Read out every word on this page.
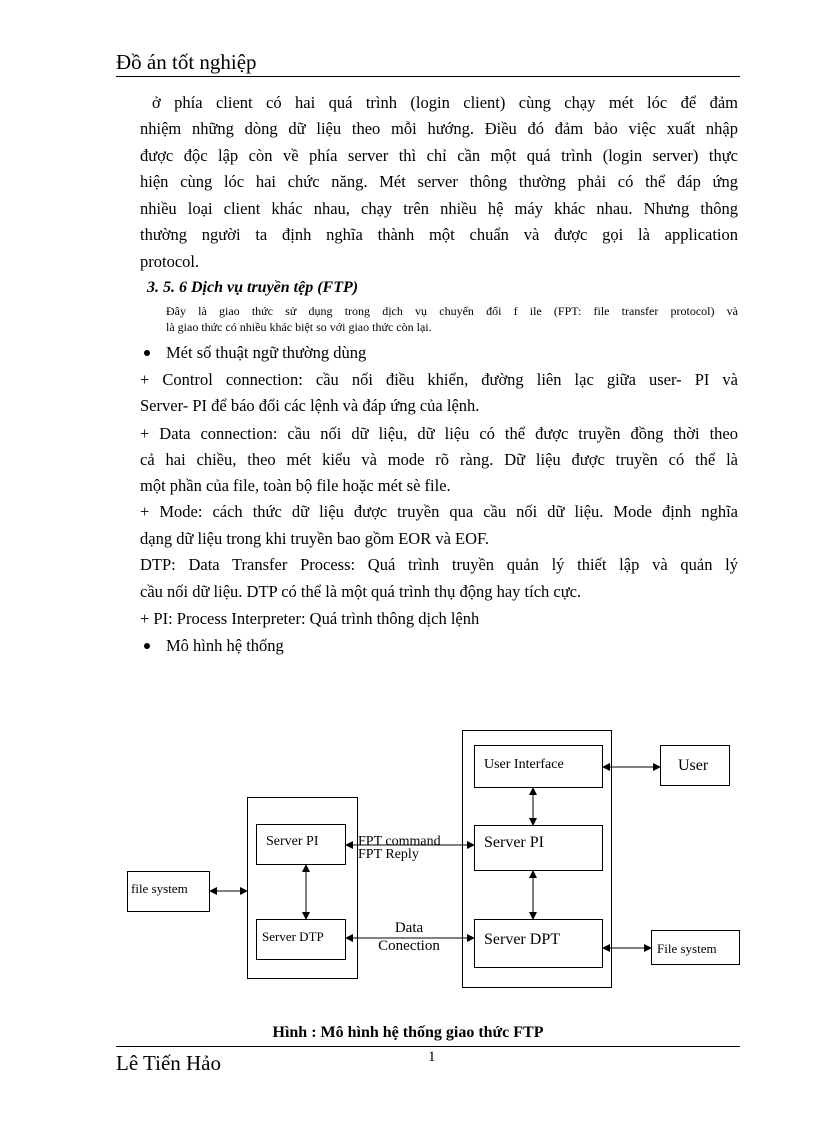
Đồ án tốt nghiệp
ở phía client có hai quá trình (login client) cùng chạy mét lóc để đảm
nhiệm những dòng dữ liệu theo mỗi hướng. Điều đó đảm bảo việc xuất nhập
được độc lập còn về phía server thì chỉ cần một quá trình (login server) thực
hiện cùng lóc hai chức năng. Mét server thông thường phải có thể đáp ứng
nhiều loại client khác nhau, chạy trên nhiều hệ máy khác nhau. Nhưng thông
thường người ta định nghĩa thành một chuẩn và được gọi là application
protocol.
3. 5. 6 Dịch vụ truyền tệp (FTP)
Đây là giao thức sử dụng trong dịch vụ chuyển đổi f ile (FPT: file transfer protocol) và
là giao thức có nhiều khác biệt so với giao thức còn lại.
Mét số thuật ngữ thường dùng
+ Control connection: cầu nối điều khiển, đường liên lạc giữa user- PI và
Server- PI để báo đổi các lệnh và đáp ứng của lệnh.
+ Data connection: cầu nối dữ liệu, dữ liệu có thể được truyền đồng thời theo
cả hai chiều, theo mét kiểu và mode rõ ràng. Dữ liệu được truyền có thể là
một phần của file, toàn bộ file hoặc mét sè file.
+ Mode: cách thức dữ liệu được truyền qua cầu nối dữ liệu. Mode định nghĩa
dạng dữ liệu trong khi truyền bao gồm EOR và EOF.
DTP: Data Transfer Process: Quá trình truyền quản lý thiết lập và quản lý
cầu nối dữ liệu. DTP có thể là một quá trình thụ động hay tích cực.
+ PI: Process Interpreter: Quá trình thông dịch lệnh
Mô hình hệ thống
file system
Server PI
Server DTP
FPT command
FPT Reply
Data
Conection
User Interface	User
Server PI
Server DPT
File system
Hình : Mô hình hệ thống giao thức FTP
Lê Tiến Hảo	1
